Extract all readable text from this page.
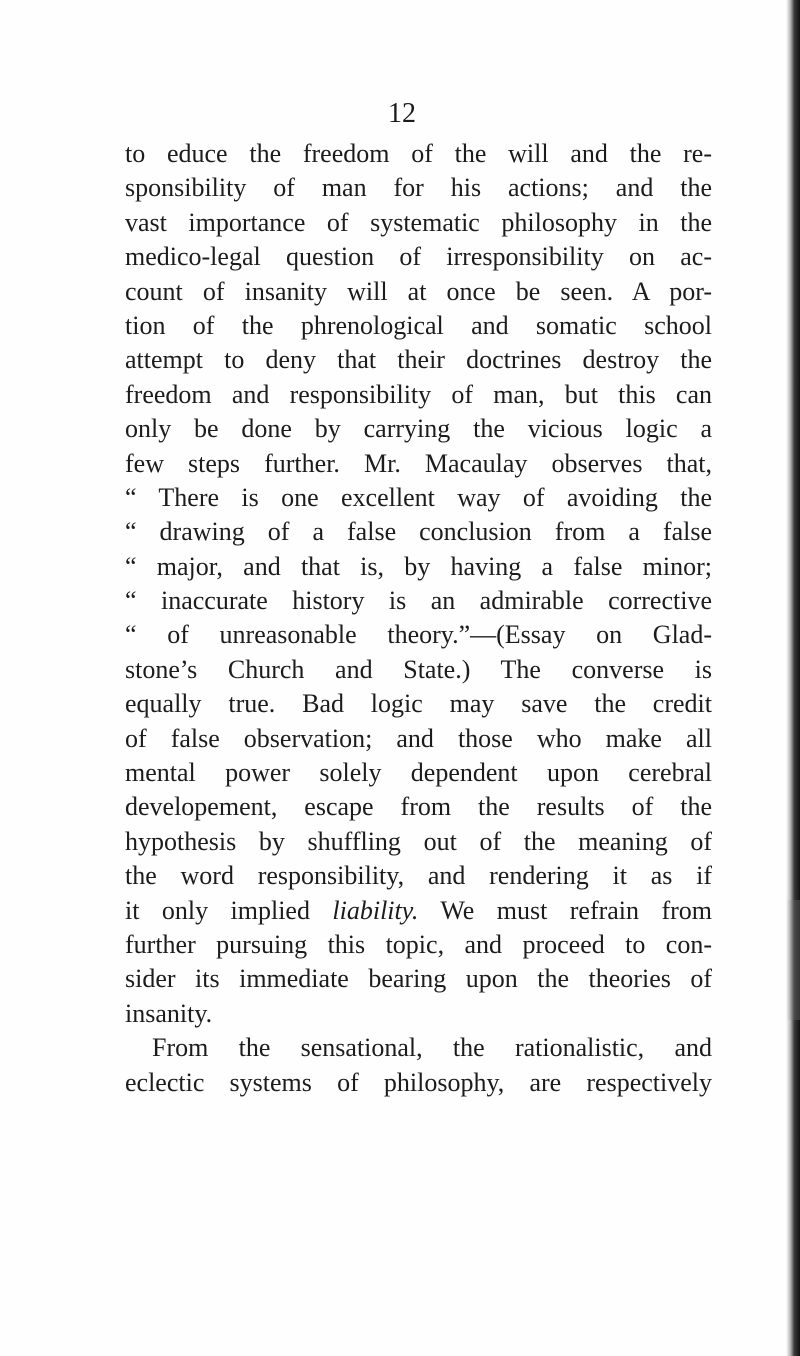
12
to educe the freedom of the will and the re-
sponsibility of man for his actions; and the
vast importance of systematic philosophy in the
medico-legal question of irresponsibility on ac-
count of insanity will at once be seen. A por-
tion of the phrenological and somatic school
attempt to deny that their doctrines destroy the
freedom and responsibility of man, but this can
only be done by carrying the vicious logic a
few steps further. Mr. Macaulay observes that,
“ There is one excellent way of avoiding the
“ drawing of a false conclusion from a false
“ major, and that is, by having a false minor;
“ inaccurate history is an admirable corrective
“ of unreasonable theory.”—(Essay on Glad-
stone’s Church and State.) The converse is
equally true. Bad logic may save the credit
of false observation; and those who make all
mental power solely dependent upon cerebral
developement, escape from the results of the
hypothesis by shuffling out of the meaning of
the word responsibility, and rendering it as if
it only implied liability. We must refrain from
further pursuing this topic, and proceed to con-
sider its immediate bearing upon the theories of
insanity.
From the sensational, the rationalistic, and
eclectic systems of philosophy, are respectively
